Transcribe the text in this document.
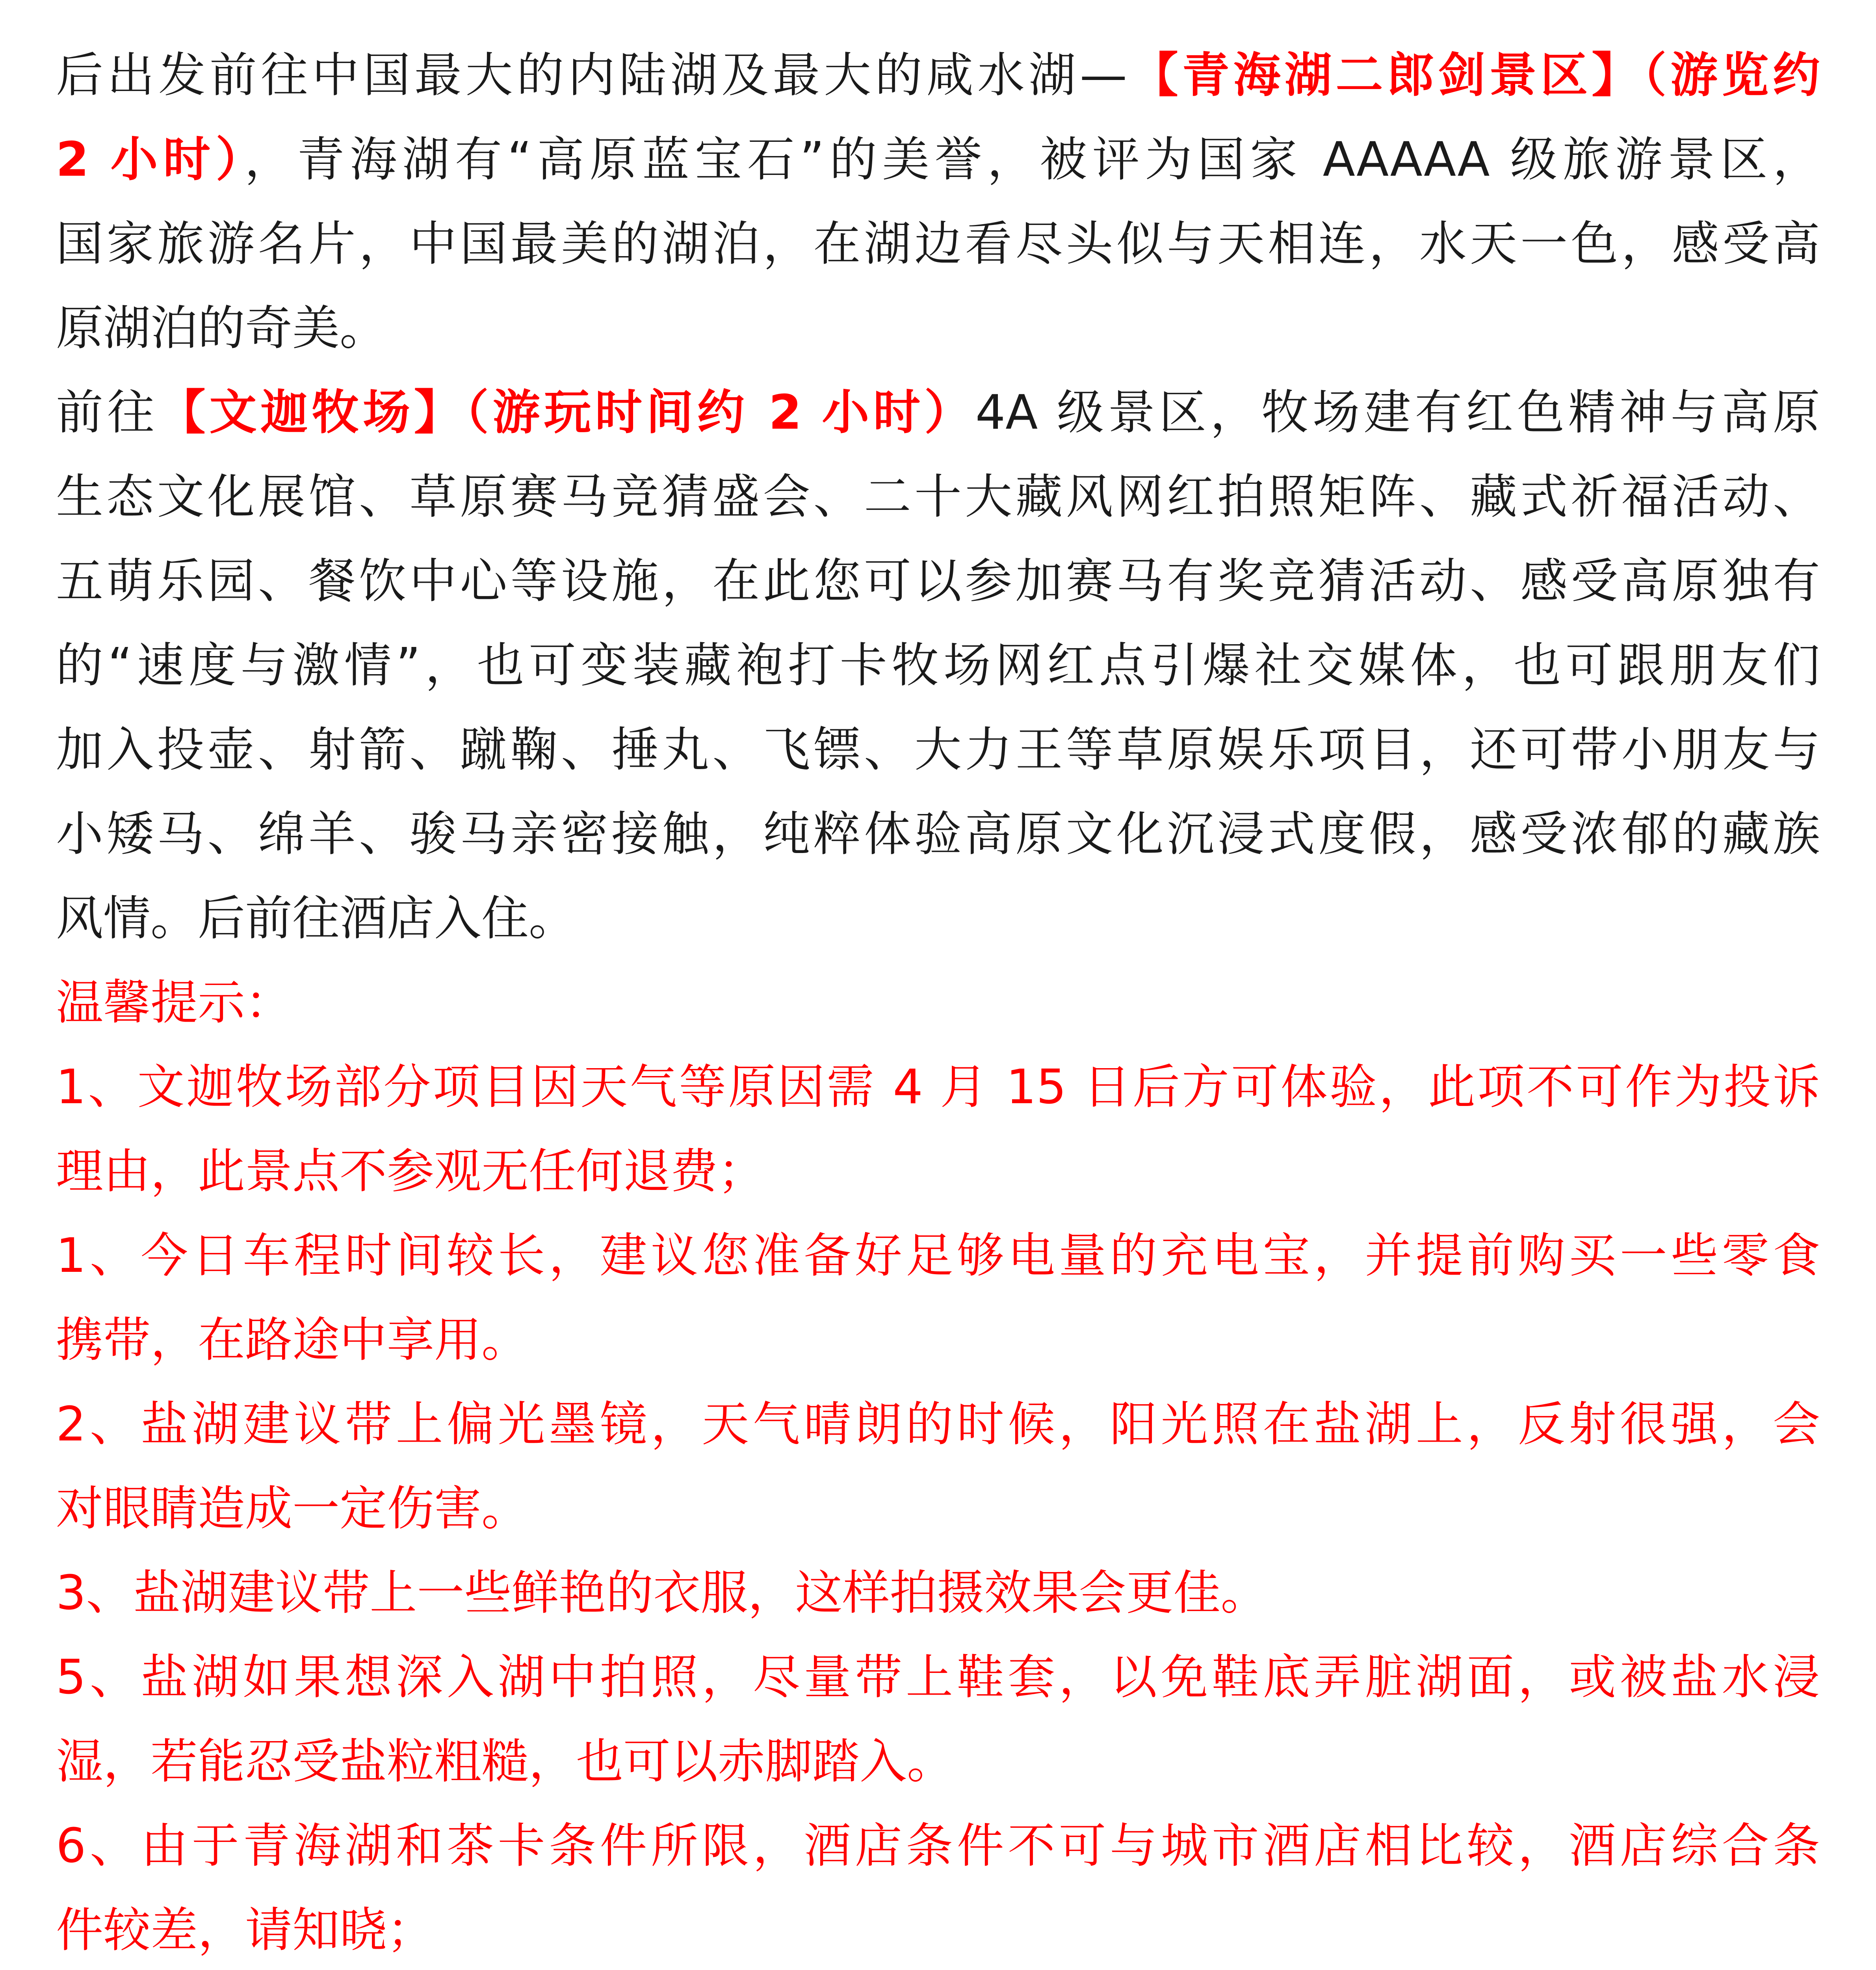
后出发前往中国最大的内陆湖及最大的咸水湖—【青海湖二郎剑景区】（游览约
2 小时），青海湖有“高原蓝宝石”的美誉，被评为国家 AAAAA 级旅游景区，
国家旅游名片，中国最美的湖泊，在湖边看尽头似与天相连，水天一色，感受高
原湖泊的奇美。
前往【文迦牧场】（游玩时间约 2 小时）4A 级景区，牧场建有红色精神与高原
生态文化展馆、草原赛马竞猜盛会、二十大藏风网红拍照矩阵、藏式祈福活动、
五萌乐园、餐饮中心等设施，在此您可以参加赛马有奖竞猜活动、感受高原独有
的“速度与激情”，也可变装藏袍打卡牧场网红点引爆社交媒体，也可跟朋友们
加入投壶、射箭、蹴鞠、捶丸、飞镖、大力王等草原娱乐项目，还可带小朋友与
小矮马、绵羊、骏马亲密接触，纯粹体验高原文化沉浸式度假，感受浓郁的藏族
风情。后前往酒店入住。
温馨提示：
1、文迦牧场部分项目因天气等原因需 4 月 15 日后方可体验，此项不可作为投诉
理由，此景点不参观无任何退费；
1、今日车程时间较长，建议您准备好足够电量的充电宝，并提前购买一些零食
携带，在路途中享用。
2、盐湖建议带上偏光墨镜，天气晴朗的时候，阳光照在盐湖上，反射很强，会
对眼睛造成一定伤害。
3、盐湖建议带上一些鲜艳的衣服，这样拍摄效果会更佳。
5、盐湖如果想深入湖中拍照，尽量带上鞋套，以免鞋底弄脏湖面，或被盐水浸
湿，若能忍受盐粒粗糙，也可以赤脚踏入。
6、由于青海湖和茶卡条件所限，酒店条件不可与城市酒店相比较，酒店综合条
件较差，请知晓；
